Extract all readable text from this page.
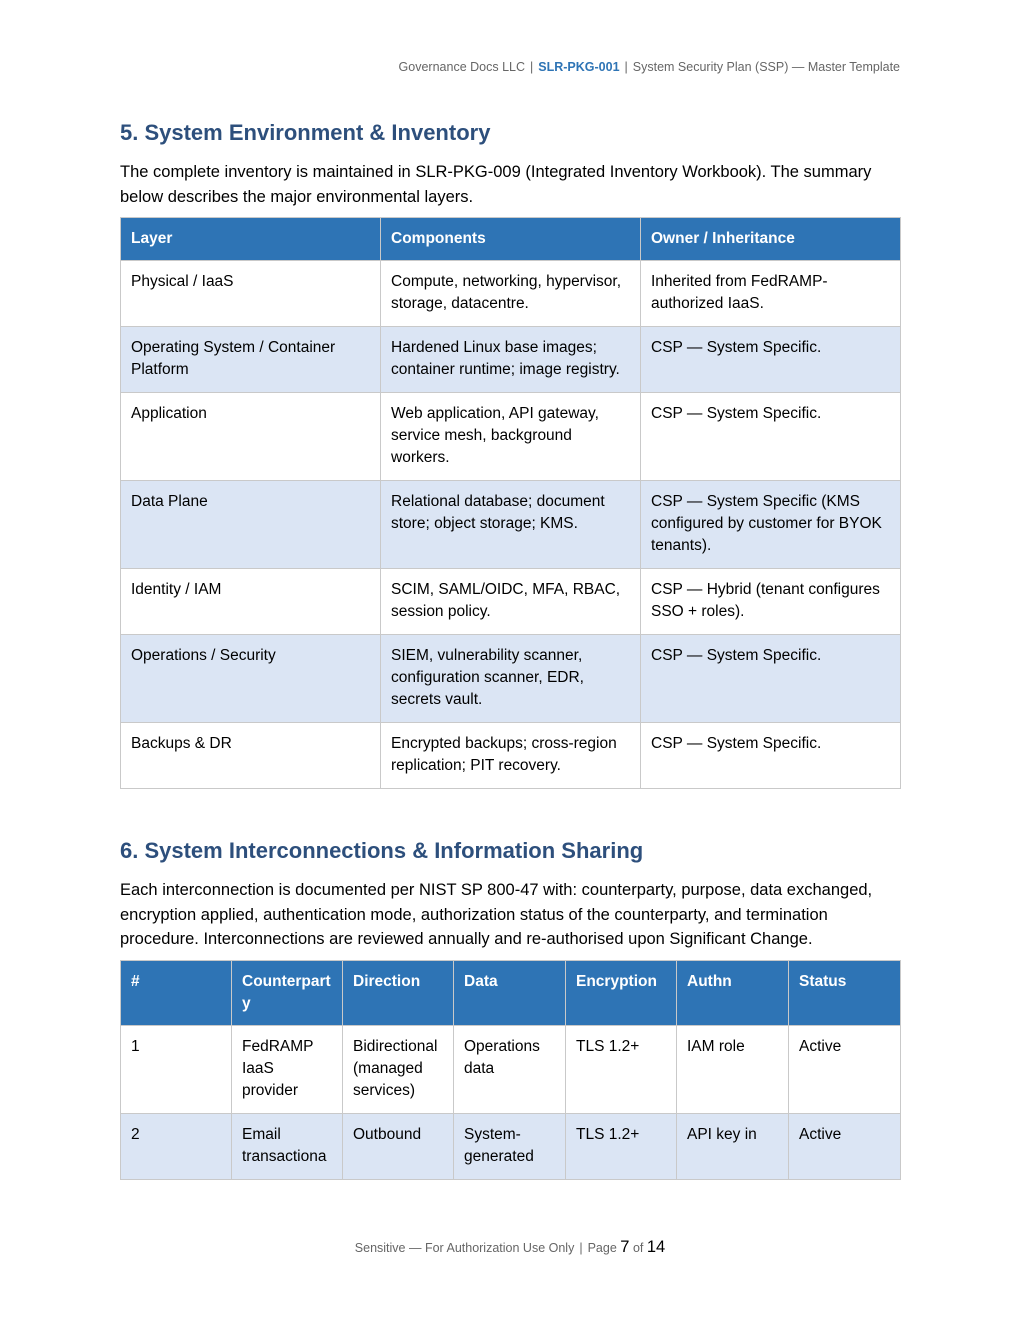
Governance Docs LLC | SLR-PKG-001 | System Security Plan (SSP) — Master Template
5. System Environment & Inventory

The complete inventory is maintained in SLR-PKG-009 (Integrated Inventory Workbook). The summary below describes the major environmental layers.

Layer	Components	Owner / Inheritance
Physical / IaaS	Compute, networking, hypervisor, storage, datacentre.	Inherited from FedRAMP-authorized IaaS.
Operating System / Container Platform	Hardened Linux base images; container runtime; image registry.	CSP — System Specific.
Application	Web application, API gateway, service mesh, background workers.	CSP — System Specific.
Data Plane	Relational database; document store; object storage; KMS.	CSP — System Specific (KMS configured by customer for BYOK tenants).
Identity / IAM	SCIM, SAML/OIDC, MFA, RBAC, session policy.	CSP — Hybrid (tenant configures SSO + roles).
Operations / Security	SIEM, vulnerability scanner, configuration scanner, EDR, secrets vault.	CSP — System Specific.
Backups & DR	Encrypted backups; cross-region replication; PIT recovery.	CSP — System Specific.
6. System Interconnections & Information Sharing

Each interconnection is documented per NIST SP 800-47 with: counterparty, purpose, data exchanged, encryption applied, authentication mode, authorization status of the counterparty, and termination procedure. Interconnections are reviewed annually and re-authorised upon Significant Change.

#	Counterparty	Direction	Data	Encryption	Authn	Status
1	FedRAMP IaaS provider	Bidirectional (managed services)	Operations data	TLS 1.2+	IAM role	Active
2	Email transactiona	Outbound	System-generated	TLS 1.2+	API key in	Active
Sensitive — For Authorization Use Only | Page 7 of 14
